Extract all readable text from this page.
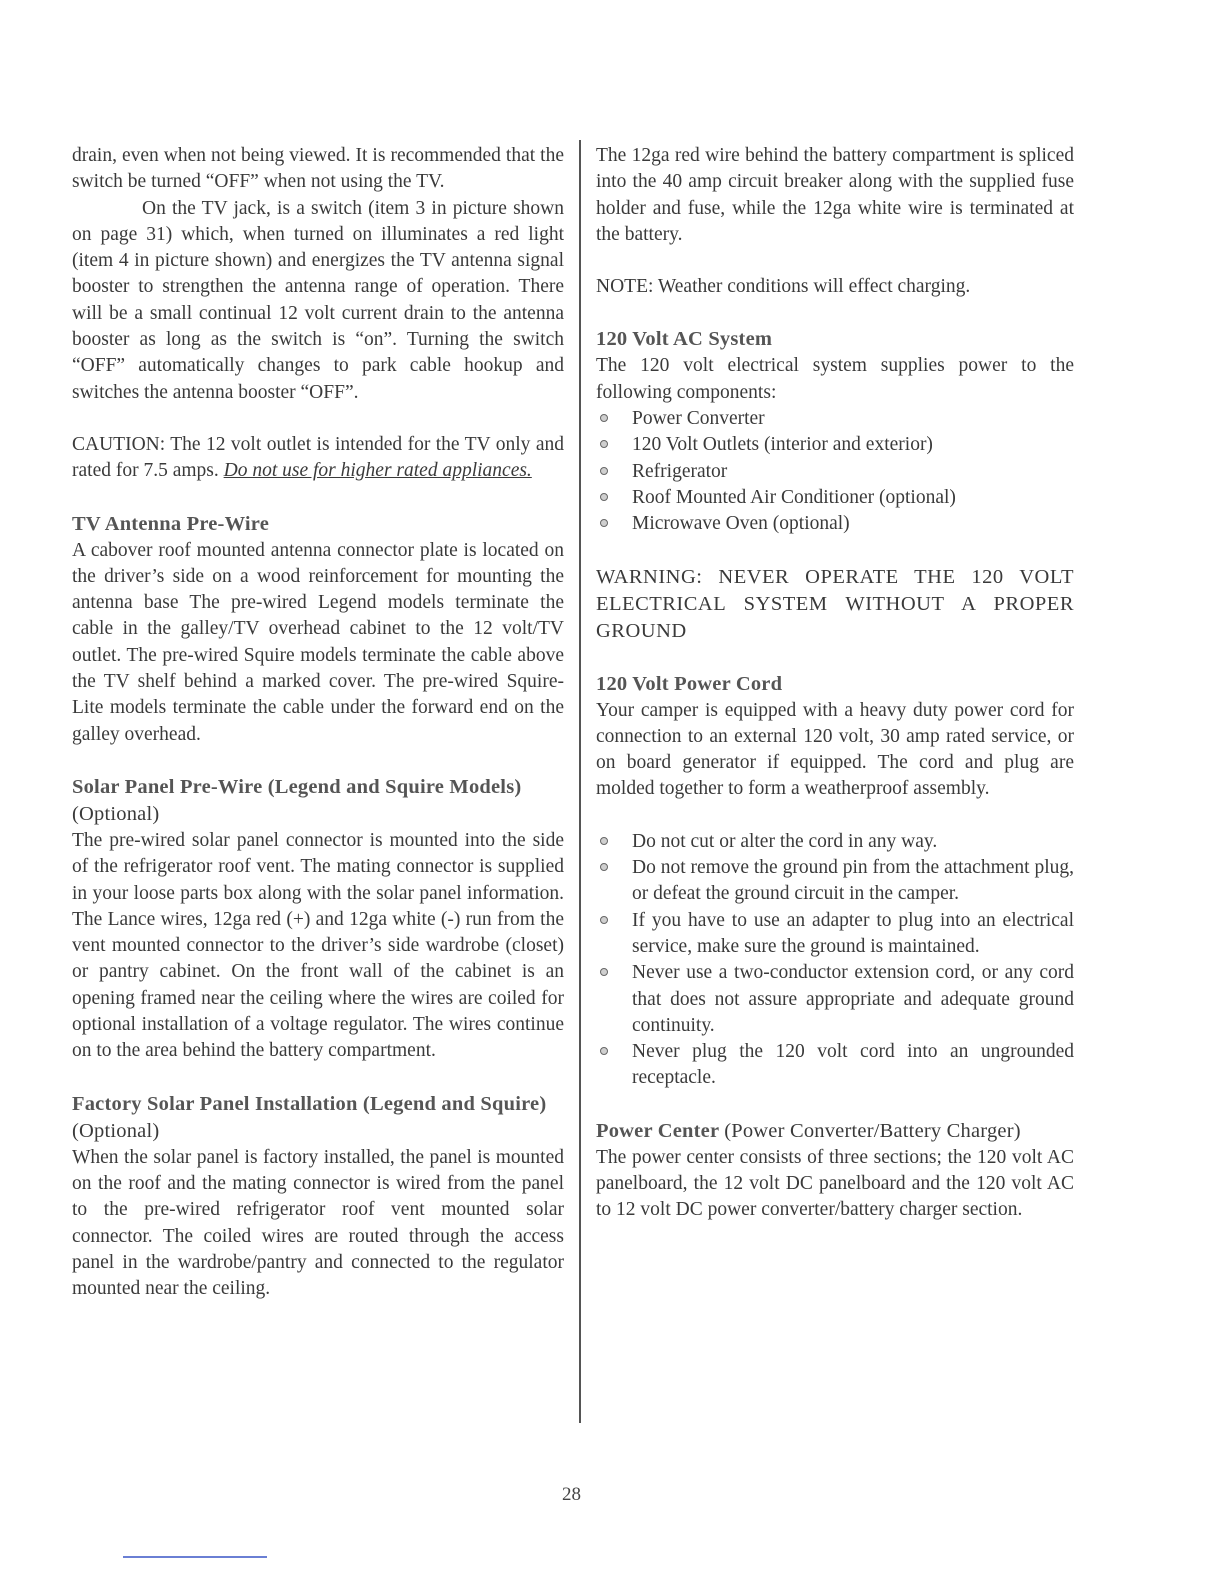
drain, even when not being viewed. It is recommended that the switch be turned “OFF” when not using the TV.

On the TV jack, is a switch (item 3 in picture shown on page 31) which, when turned on illuminates a red light (item 4 in picture shown) and energizes the TV antenna signal booster to strengthen the antenna range of operation. There will be a small continual 12 volt current drain to the antenna booster as long as the switch is “on”. Turning the switch “OFF” automatically changes to park cable hookup and switches the antenna booster “OFF”.

CAUTION: The 12 volt outlet is intended for the TV only and rated for 7.5 amps. Do not use for higher rated appliances.

TV Antenna Pre-Wire

A cabover roof mounted antenna connector plate is located on the driver’s side on a wood reinforcement for mounting the antenna base The pre-wired Legend models terminate the cable in the galley/TV overhead cabinet to the 12 volt/TV outlet. The pre-wired Squire models terminate the cable above the TV shelf behind a marked cover. The pre-wired Squire-Lite models terminate the cable under the forward end on the galley overhead.

Solar Panel Pre-Wire (Legend and Squire Models) (Optional)

The pre-wired solar panel connector is mounted into the side of the refrigerator roof vent. The mating connector is supplied in your loose parts box along with the solar panel information. The Lance wires, 12ga red (+) and 12ga white (-) run from the vent mounted connector to the driver’s side wardrobe (closet) or pantry cabinet. On the front wall of the cabinet is an opening framed near the ceiling where the wires are coiled for optional installation of a voltage regulator. The wires continue on to the area behind the battery compartment.

Factory Solar Panel Installation (Legend and Squire) (Optional)

When the solar panel is factory installed, the panel is mounted on the roof and the mating connector is wired from the panel to the pre-wired refrigerator roof vent mounted solar connector. The coiled wires are routed through the access panel in the wardrobe/pantry and connected to the regulator mounted near the ceiling.

The 12ga red wire behind the battery compartment is spliced into the 40 amp circuit breaker along with the supplied fuse holder and fuse, while the 12ga white wire is terminated at the battery.

NOTE: Weather conditions will effect charging.

120 Volt AC System

The 120 volt electrical system supplies power to the following components:

Power Converter
120 Volt Outlets (interior and exterior)
Refrigerator
Roof Mounted Air Conditioner (optional)
Microwave Oven (optional)

WARNING: NEVER OPERATE THE 120 VOLT ELECTRICAL SYSTEM WITHOUT A PROPER GROUND

120 Volt Power Cord

Your camper is equipped with a heavy duty power cord for connection to an external 120 volt, 30 amp rated service, or on board generator if equipped. The cord and plug are molded together to form a weatherproof assembly.

Do not cut or alter the cord in any way.
Do not remove the ground pin from the attachment plug, or defeat the ground circuit in the camper.
If you have to use an adapter to plug into an electrical service, make sure the ground is maintained.
Never use a two-conductor extension cord, or any cord that does not assure appropriate and adequate ground continuity.
Never plug the 120 volt cord into an ungrounded receptacle.
Power Center (Power Converter/Battery Charger)

The power center consists of three sections; the 120 volt AC panelboard, the 12 volt DC panelboard and the 120 volt AC to 12 volt DC power converter/battery charger section.

28
